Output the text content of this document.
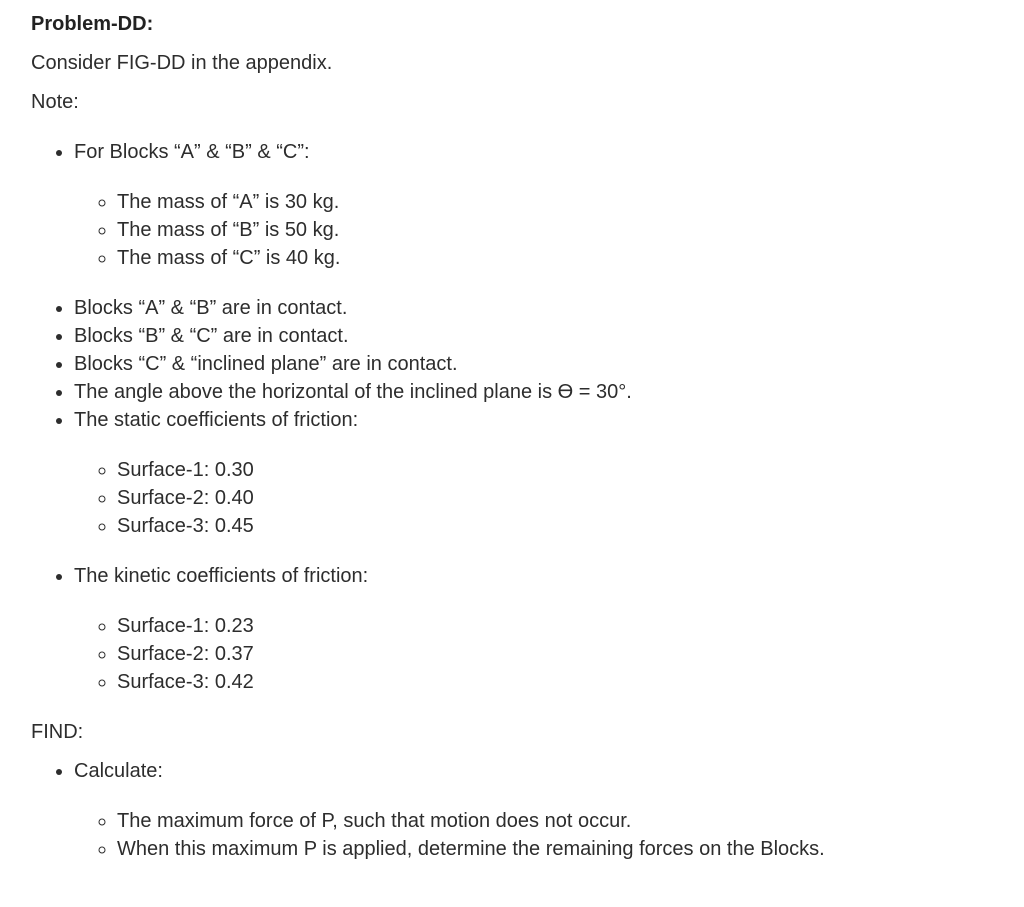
Problem-DD:
Consider FIG-DD in the appendix.
Note:
• For Blocks “A” & “B” & “C”:
◦ The mass of “A” is 30 kg.
◦ The mass of “B” is 50 kg.
◦ The mass of “C” is 40 kg.
• Blocks “A” & “B” are in contact.
• Blocks “B” & “C” are in contact.
• Blocks “C” & “inclined plane” are in contact.
• The angle above the horizontal of the inclined plane is ϴ = 30°.
• The static coefficients of friction:
◦ Surface-1: 0.30
◦ Surface-2: 0.40
◦ Surface-3: 0.45
• The kinetic coefficients of friction:
◦ Surface-1: 0.23
◦ Surface-2: 0.37
◦ Surface-3: 0.42
FIND:
• Calculate:
◦ The maximum force of P, such that motion does not occur.
◦ When this maximum P is applied, determine the remaining forces on the Blocks.
